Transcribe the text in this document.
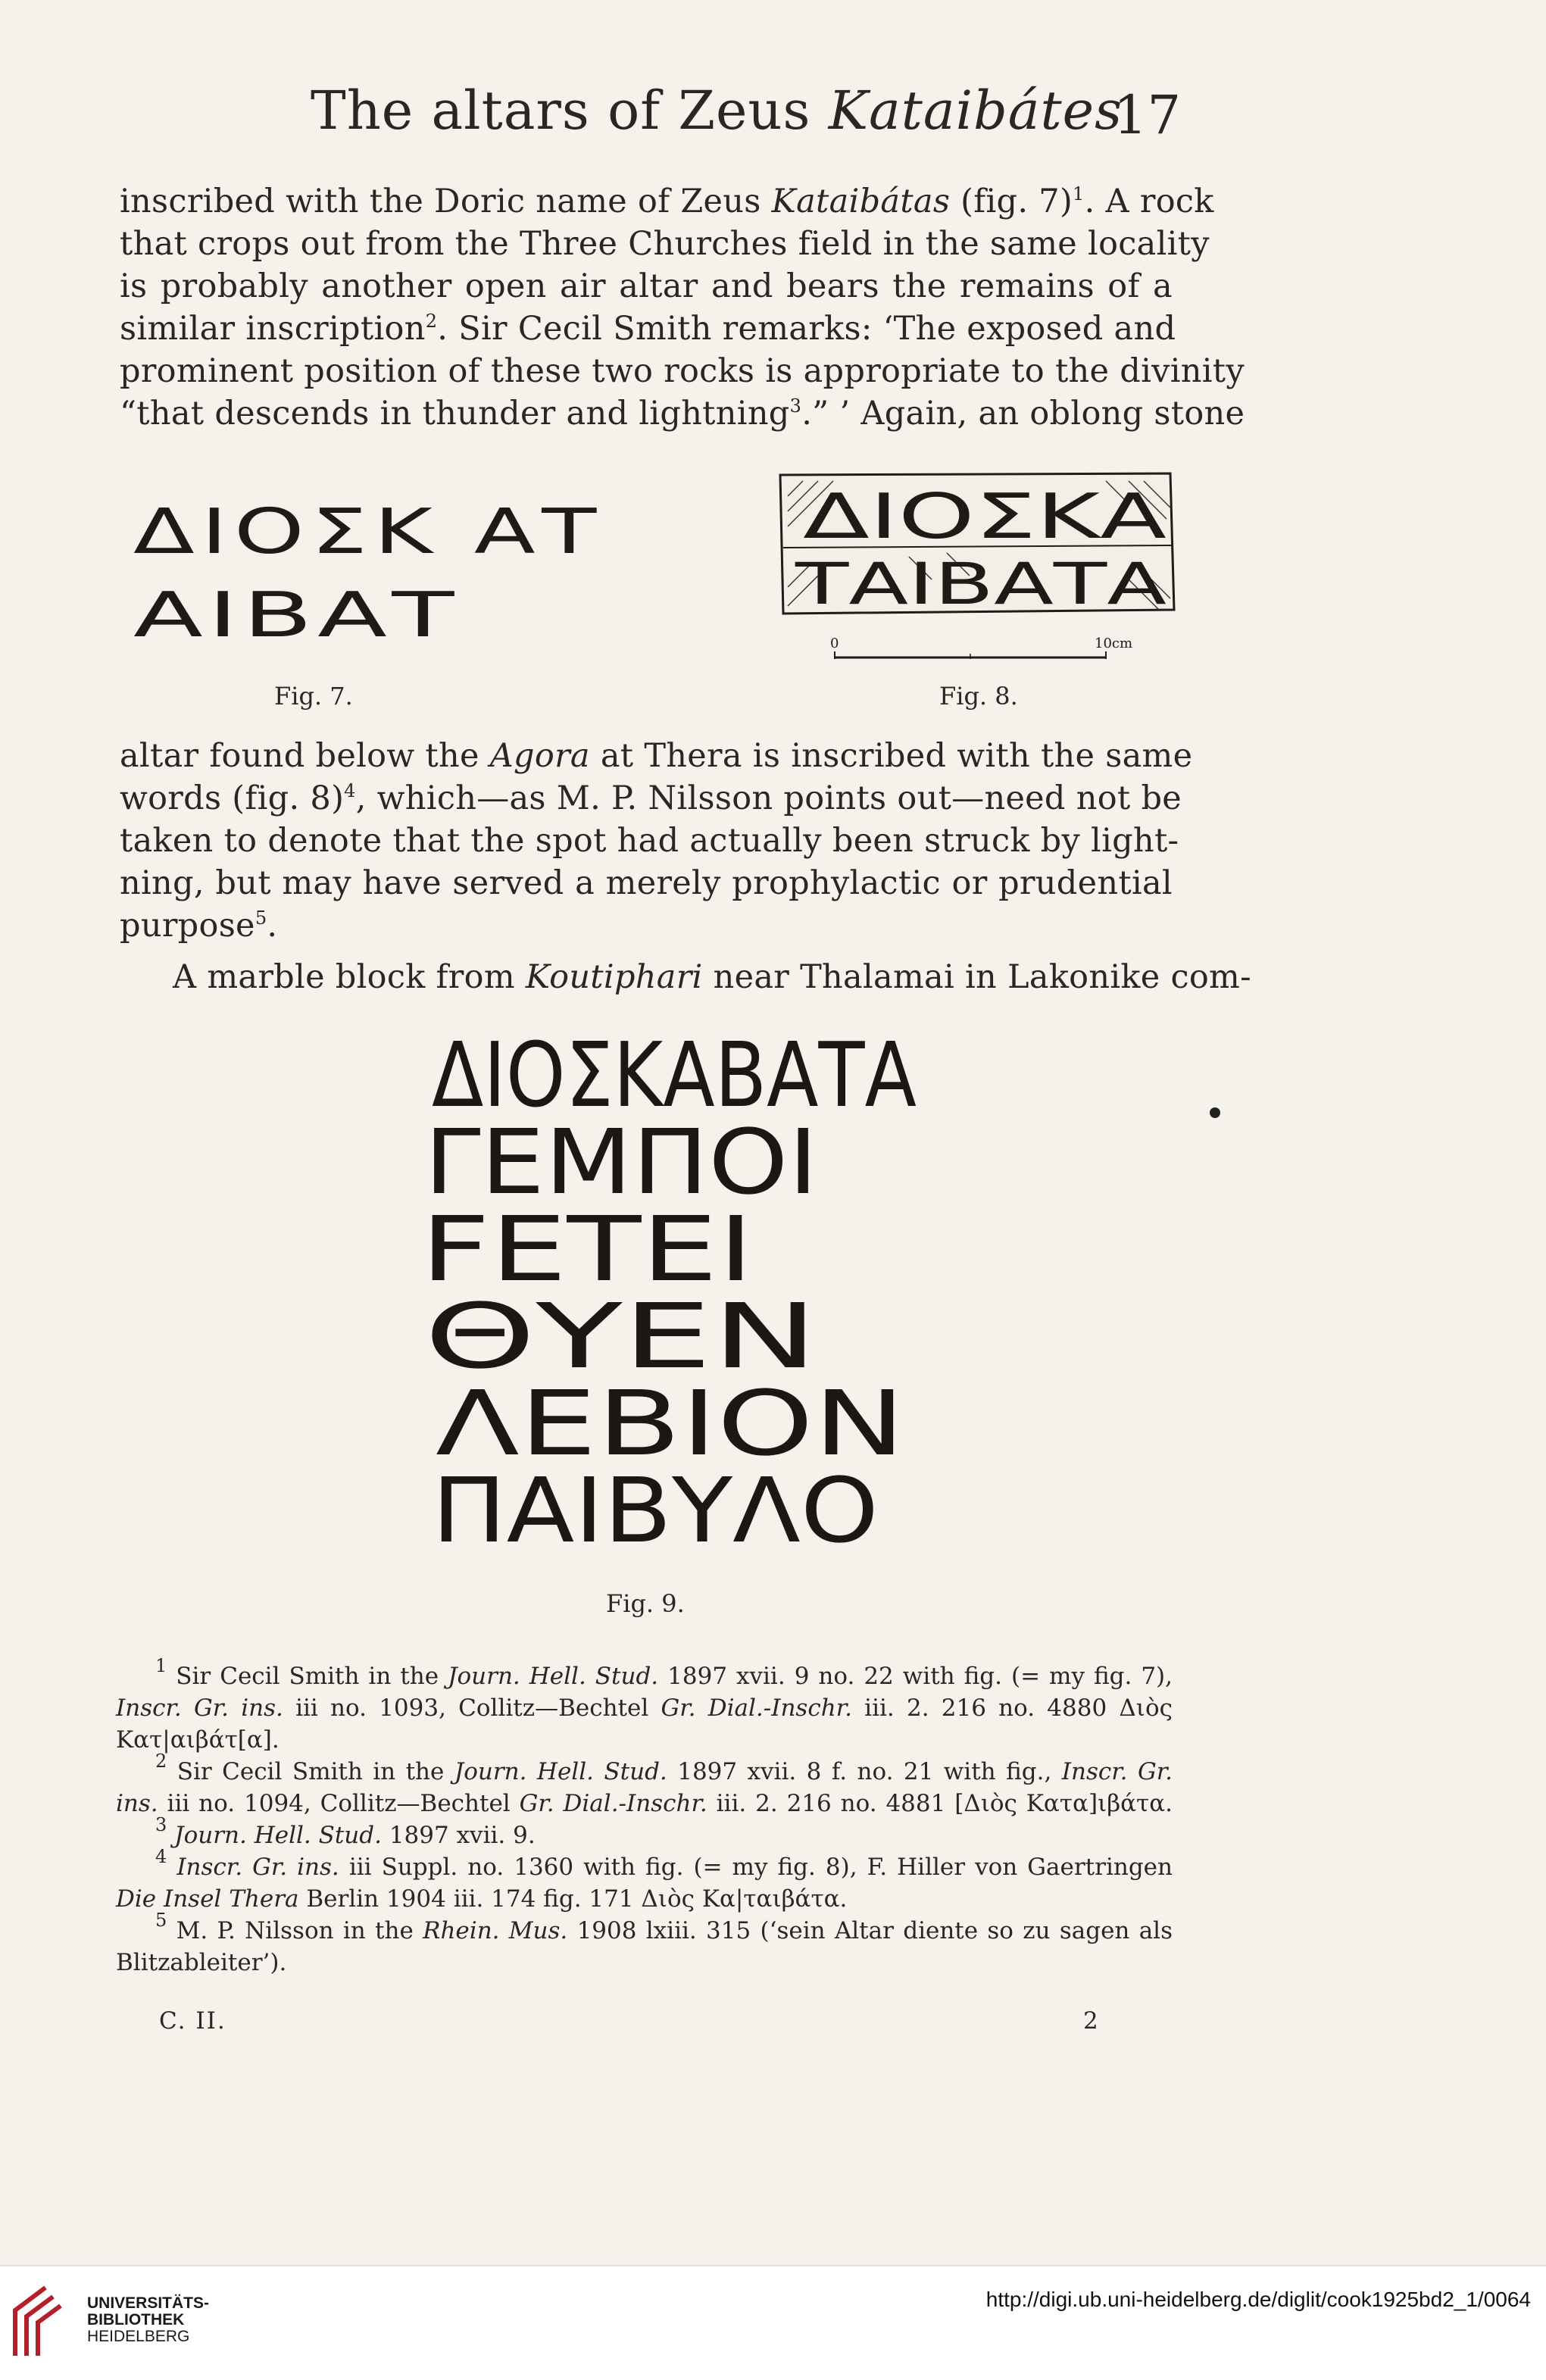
The altars of Zeus Kataibátes
17
inscribed with the Doric name of Zeus Kataibátas (fig. 7)$^1$. A rock
that crops out from the Three Churches field in the same locality
is probably another open air altar and bears the remains of a
similar inscription$^2$. Sir Cecil Smith remarks: ‘The exposed and
prominent position of these two rocks is appropriate to the divinity
“that descends in thunder and lightning$^3$.” ’ Again, an oblong stone
ΔΙΟΣΚ ΑΤ
ΑΙΒΑΤ
Fig. 7.
ΔΙΟΣΚΑ
ΤΑΙΒΑΤΑ
0	10cm
Fig. 8.
altar found below the Agora at Thera is inscribed with the same
words (fig. 8)$^4$, which—as M. P. Nilsson points out—need not be
taken to denote that the spot had actually been struck by light-
ning, but may have served a merely prophylactic or prudential
purpose$^5$.
A marble block from Koutiphari near Thalamai in Lakonike com-
ΔΙΟΣΚΑΒΑΤΑ
ΓΕΜΠΟΙ
FΕΤΕΙ
ΘΥΕΝ
ΛΕΒΙΟΝ
ΠΑΙΒΥΛΟ
Fig. 9.
$^1$ Sir Cecil Smith in the Journ. Hell. Stud. 1897 xvii. 9 no. 22 with fig. (= my fig. 7),
Inscr. Gr. ins. iii no. 1093, Collitz—Bechtel Gr. Dial.-Inschr. iii. 2. 216 no. 4880 Διὸς
Κατ|αιβάτ[α].
$^2$ Sir Cecil Smith in the Journ. Hell. Stud. 1897 xvii. 8 f. no. 21 with fig., Inscr. Gr.
ins. iii no. 1094, Collitz—Bechtel Gr. Dial.-Inschr. iii. 2. 216 no. 4881 [Διὸς Κατα]ιβάτα.
$^3$ Journ. Hell. Stud. 1897 xvii. 9.
$^4$ Inscr. Gr. ins. iii Suppl. no. 1360 with fig. (= my fig. 8), F. Hiller von Gaertringen
Die Insel Thera Berlin 1904 iii. 174 fig. 171 Διὸς Κα|ταιβάτα.
$^5$ M. P. Nilsson in the Rhein. Mus. 1908 lxiii. 315 (‘sein Altar diente so zu sagen als
Blitzableiter’).
C. II.	2
UNIVERSITÄTS-
BIBLIOTHEK
HEIDELBERG
http://digi.ub.uni-heidelberg.de/diglit/cook1925bd2_1/0064
